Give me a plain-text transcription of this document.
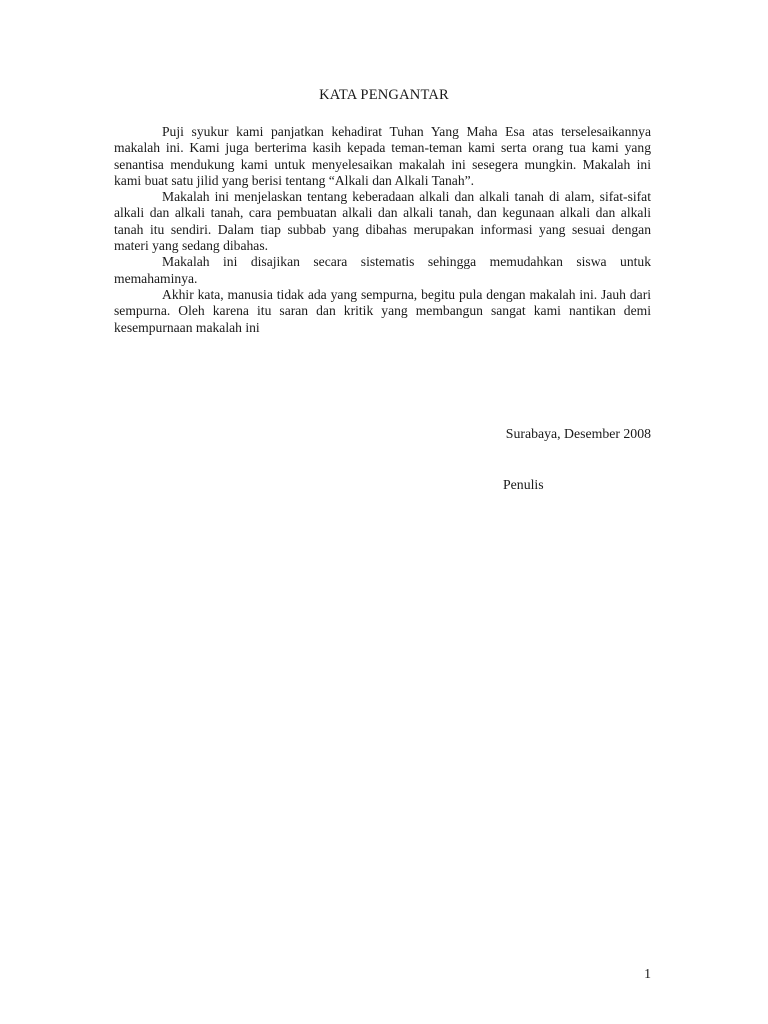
KATA PENGANTAR

Puji syukur kami panjatkan kehadirat Tuhan Yang Maha Esa atas terselesaikannya makalah ini. Kami juga berterima kasih kepada teman-teman kami serta orang tua kami yang senantisa mendukung kami untuk menyelesaikan makalah ini sesegera mungkin. Makalah ini kami buat satu jilid yang berisi tentang “Alkali dan Alkali Tanah”.

Makalah ini menjelaskan tentang keberadaan alkali dan alkali tanah di alam, sifat-sifat alkali dan alkali tanah, cara pembuatan alkali dan alkali tanah, dan kegunaan alkali dan alkali tanah itu sendiri. Dalam tiap subbab yang dibahas merupakan informasi yang sesuai dengan materi yang sedang dibahas.

Makalah ini disajikan secara sistematis sehingga memudahkan siswa untuk memahaminya.

Akhir kata, manusia tidak ada yang sempurna, begitu pula dengan makalah ini. Jauh dari sempurna. Oleh karena itu saran dan kritik yang membangun sangat kami nantikan demi kesempurnaan makalah ini

Surabaya, Desember 2008
Penulis
1
